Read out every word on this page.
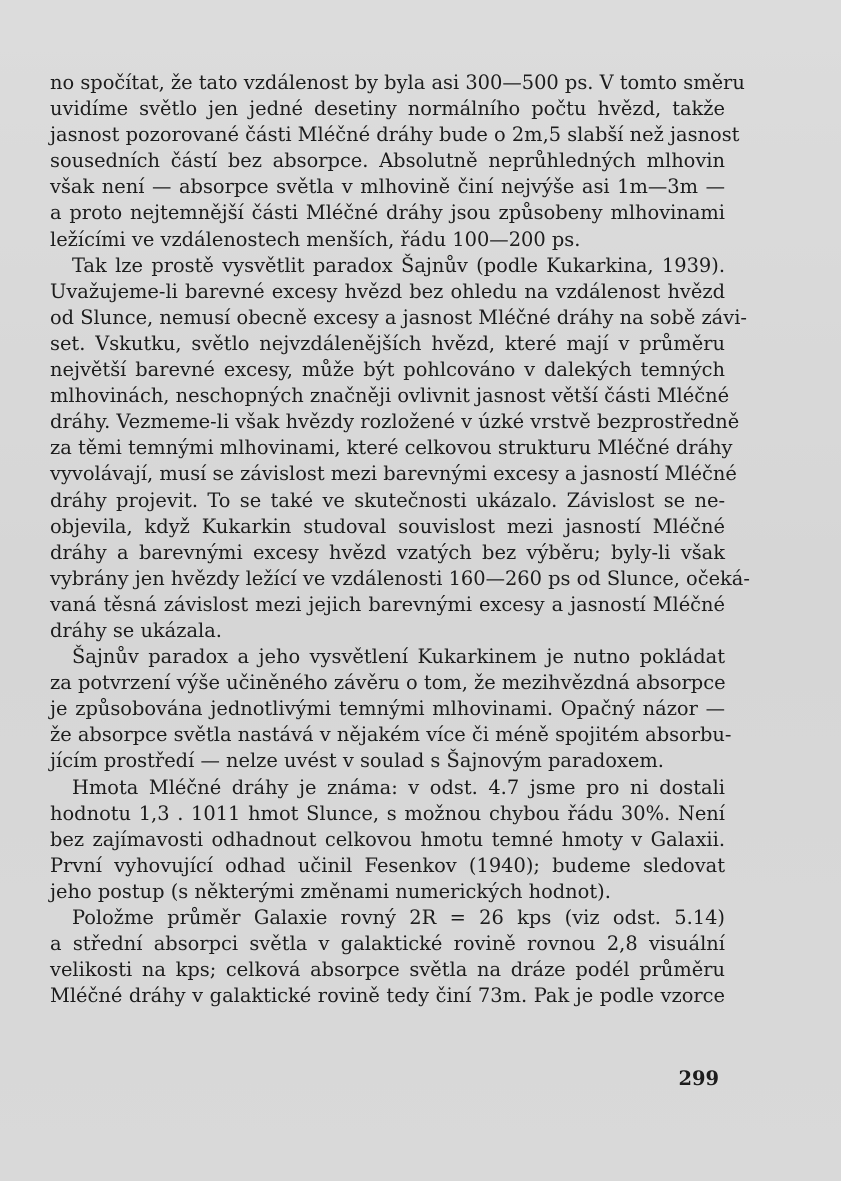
no spočítat, že tato vzdálenost by byla asi 300—500 ps. V tomto směru
uvidíme světlo jen jedné desetiny normálního počtu hvězd, takže
jasnost pozorované části Mléčné dráhy bude o 2m,5 slabší než jasnost
sousedních částí bez absorpce. Absolutně neprůhledných mlhovin
však není — absorpce světla v mlhovině činí nejvýše asi 1m—3m —
a proto nejtemnější části Mléčné dráhy jsou způsobeny mlhovinami
ležícími ve vzdálenostech menších, řádu 100—200 ps.
Tak lze prostě vysvětlit paradox Šajnův (podle Kukarkina, 1939).
Uvažujeme-li barevné excesy hvězd bez ohledu na vzdálenost hvězd
od Slunce, nemusí obecně excesy a jasnost Mléčné dráhy na sobě závi-
set. Vskutku, světlo nejvzdálenějších hvězd, které mají v průměru
největší barevné excesy, může být pohlcováno v dalekých temných
mlhovinách, neschopných značněji ovlivnit jasnost větší části Mléčné
dráhy. Vezmeme-li však hvězdy rozložené v úzké vrstvě bezprostředně
za těmi temnými mlhovinami, které celkovou strukturu Mléčné dráhy
vyvolávají, musí se závislost mezi barevnými excesy a jasností Mléčné
dráhy projevit. To se také ve skutečnosti ukázalo. Závislost se ne-
objevila, když Kukarkin studoval souvislost mezi jasností Mléčné
dráhy a barevnými excesy hvězd vzatých bez výběru; byly-li však
vybrány jen hvězdy ležící ve vzdálenosti 160—260 ps od Slunce, očeká-
vaná těsná závislost mezi jejich barevnými excesy a jasností Mléčné
dráhy se ukázala.
Šajnův paradox a jeho vysvětlení Kukarkinem je nutno pokládat
za potvrzení výše učiněného závěru o tom, že mezihvězdná absorpce
je způsobována jednotlivými temnými mlhovinami. Opačný názor —
že absorpce světla nastává v nějakém více či méně spojitém absorbu-
jícím prostředí — nelze uvést v soulad s Šajnovým paradoxem.
Hmota Mléčné dráhy je známa: v odst. 4.7 jsme pro ni dostali
hodnotu 1,3 . 1011 hmot Slunce, s možnou chybou řádu 30%. Není
bez zajímavosti odhadnout celkovou hmotu temné hmoty v Galaxii.
První vyhovující odhad učinil Fesenkov (1940); budeme sledovat
jeho postup (s některými změnami numerických hodnot).
Položme průměr Galaxie rovný 2R = 26 kps (viz odst. 5.14)
a střední absorpci světla v galaktické rovině rovnou 2,8 visuální
velikosti na kps; celková absorpce světla na dráze podél průměru
Mléčné dráhy v galaktické rovině tedy činí 73m. Pak je podle vzorce
299
